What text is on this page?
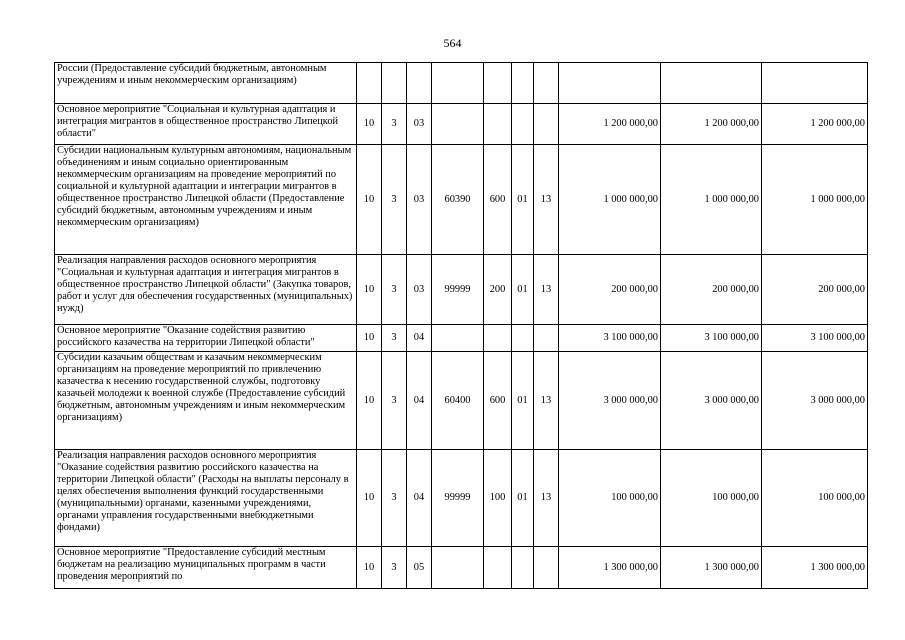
564
России (Предоставление субсидий бюджетным, автономным учреждениям и иным некоммерческим организациям)										
Основное мероприятие "Социальная и культурная адаптация и интеграция мигрантов в общественное пространство Липецкой области"	10	3	03					1 200 000,00	1 200 000,00	1 200 000,00
Субсидии национальным культурным автономиям, национальным объединениям и иным социально ориентированным некоммерческим организациям на проведение мероприятий по социальной и культурной адаптации и интеграции мигрантов в общественное пространство Липецкой области (Предоставление субсидий бюджетным, автономным учреждениям и иным некоммерческим организациям)	10	3	03	60390	600	01	13	1 000 000,00	1 000 000,00	1 000 000,00
Реализация направления расходов основного мероприятия "Социальная и культурная адаптация и интеграция мигрантов в общественное пространство Липецкой области" (Закупка товаров, работ и услуг для обеспечения государственных (муниципальных) нужд)	10	3	03	99999	200	01	13	200 000,00	200 000,00	200 000,00
Основное мероприятие "Оказание содействия развитию российского казачества на территории Липецкой области"	10	3	04					3 100 000,00	3 100 000,00	3 100 000,00
Субсидии казачьим обществам и казачьим некоммерческим организациям на проведение мероприятий по привлечению казачества к несению государственной службы, подготовку казачьей молодежи к военной службе (Предоставление субсидий бюджетным, автономным учреждениям и иным некоммерческим организациям)	10	3	04	60400	600	01	13	3 000 000,00	3 000 000,00	3 000 000,00
Реализация направления расходов основного мероприятия "Оказание содействия развитию российского казачества на территории Липецкой области" (Расходы на выплаты персоналу в целях обеспечения выполнения функций государственными (муниципальными) органами, казенными учреждениями, органами управления государственными внебюджетными фондами)	10	3	04	99999	100	01	13	100 000,00	100 000,00	100 000,00
Основное мероприятие "Предоставление субсидий местным бюджетам на реализацию муниципальных программ в части проведения мероприятий по	10	3	05					1 300 000,00	1 300 000,00	1 300 000,00
